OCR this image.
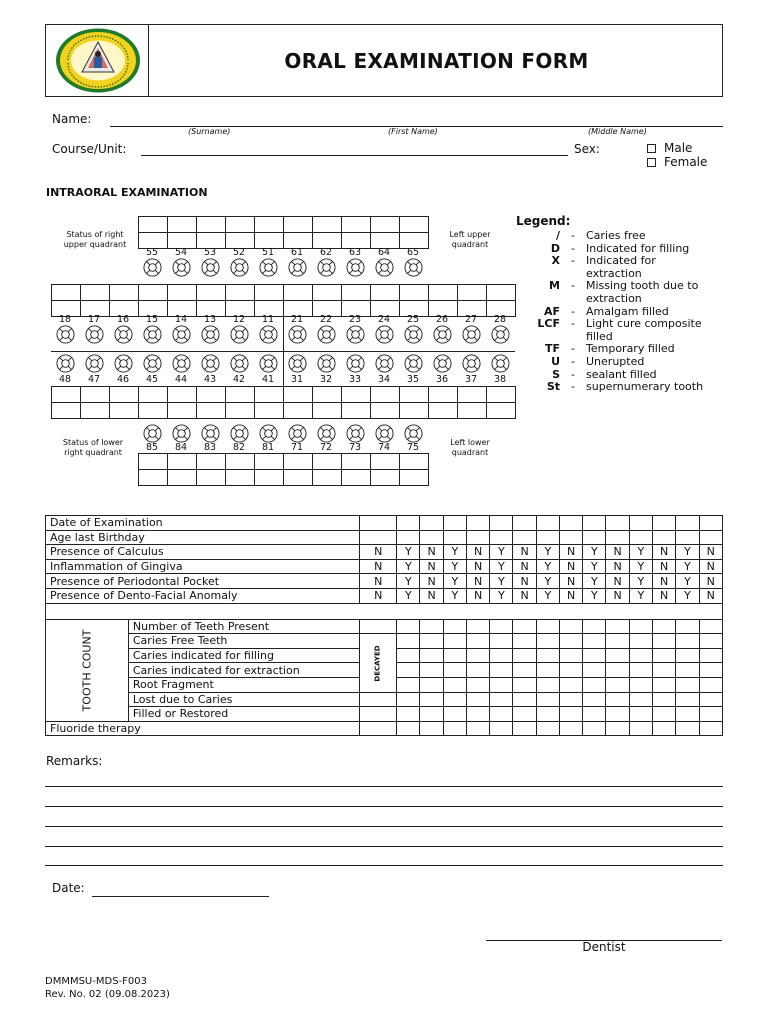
ORAL EXAMINATION FORM
Name:
(Surname)	(First Name)	(Middle Name)
Course/Unit:	Sex:	Male
Female
INTRAORAL EXAMINATION
Status of right upper quadrant
Left upper quadrant
Status of lower right quadrant
Left lower quadrant

55	54	53	52	51	61	62	63	64	65

18	17	16	15	14	13	12	11	21	22	23	24	25	26	27	28
48	47	46	45	44	43	42	41	31	32	33	34	35	36	37	38

85	84	83	82	81	71	72	73	74	75

Legend:
/	-	Caries free
D	-	Indicated for filling
X	-	Indicated for extraction
M	-	Missing tooth due to extraction
AF	-	Amalgam filled
LCF	-	Light cure composite filled
TF	-	Temporary filled
U	-	Unerupted
S	-	sealant filled
St	-	supernumerary tooth
Date of Examination																
Age last Birthday																
Presence of Calculus		N	Y	N	Y	N	Y	N	Y	N	Y	N	Y	N	Y	N
Inflammation of Gingiva		N	Y	N	Y	N	Y	N	Y	N	Y	N	Y	N	Y	N
Presence of Periodontal Pocket		N	Y	N	Y	N	Y	N	Y	N	Y	N	Y	N	Y	N
Presence of Dento-Facial Anomaly		N	Y	N	Y	N	Y	N	Y	N	Y	N	Y	N	Y	N

TOOTH COUNT	Number of Teeth Present															
	Caries Free Teeth	DECAYED														
	Caries indicated for filling															
	Caries indicated for extraction															
	Root Fragment															
	Lost due to Caries															
	Filled or Restored															
Fluoride therapy																
Remarks:
Date:
Dentist
DMMMSU-MDS-F003
Rev. No. 02 (09.08.2023)
